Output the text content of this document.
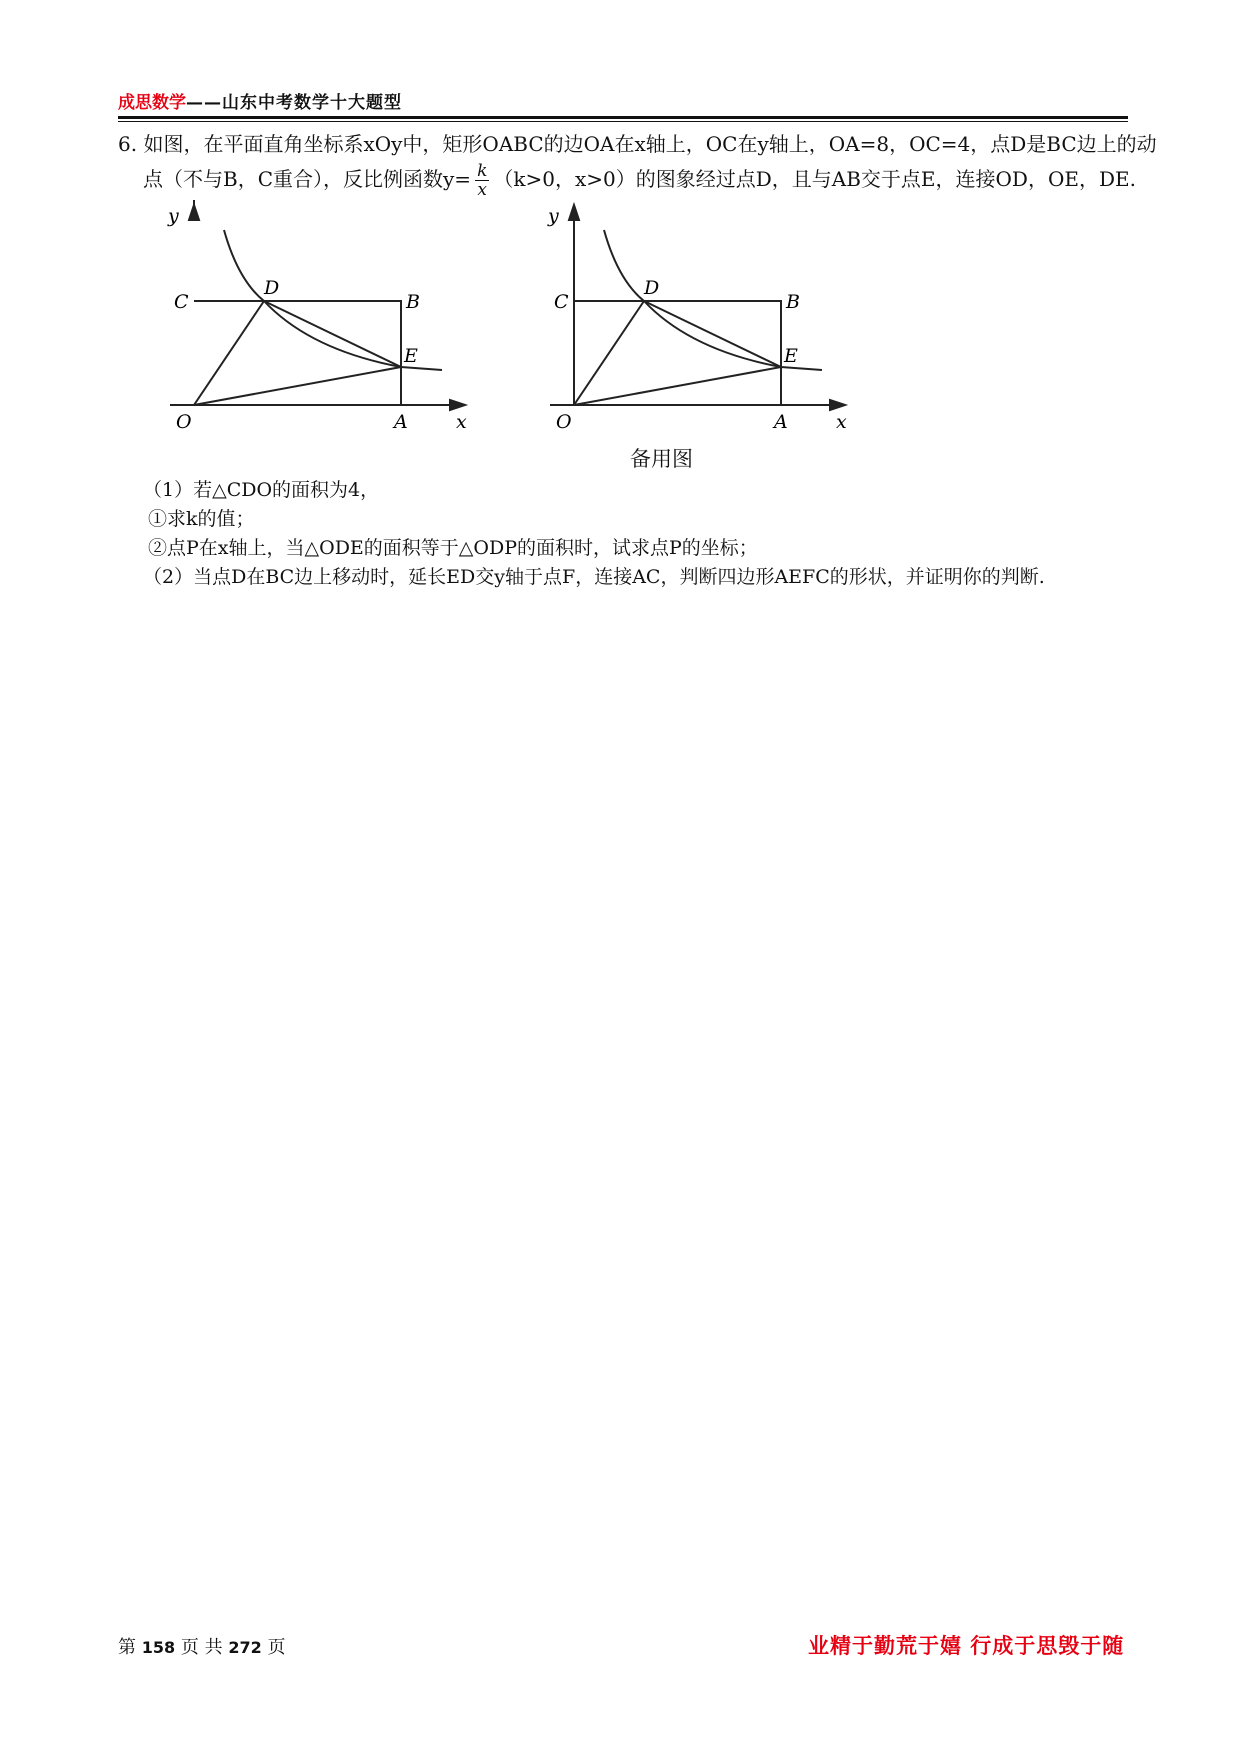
成思数学——山东中考数学十大题型
6. 如图，在平面直角坐标系xOy中，矩形OABC的边OA在x轴上，OC在y轴上，OA=8，OC=4，点D是BC边上的动
点（不与B，C重合），反比例函数$y= \frac{k}{x} (k>0$，x>0）的图象经过点D，且与AB交于点E，连接OD，OE，DE.
y
C
D
B
E
O	A	x
y
C
D
B
E
O	A	x
备用图
（1）若△CDO的面积为4，
①求k的值；
②点P在x轴上，当△ODE的面积等于△ODP的面积时，试求点P的坐标；
（2）当点D在BC边上移动时，延长ED交y轴于点F，连接AC，判断四边形AEFC的形状，并证明你的判断.
第 158 页 共 272 页	业精于勤荒于嬉 行成于思毁于随
